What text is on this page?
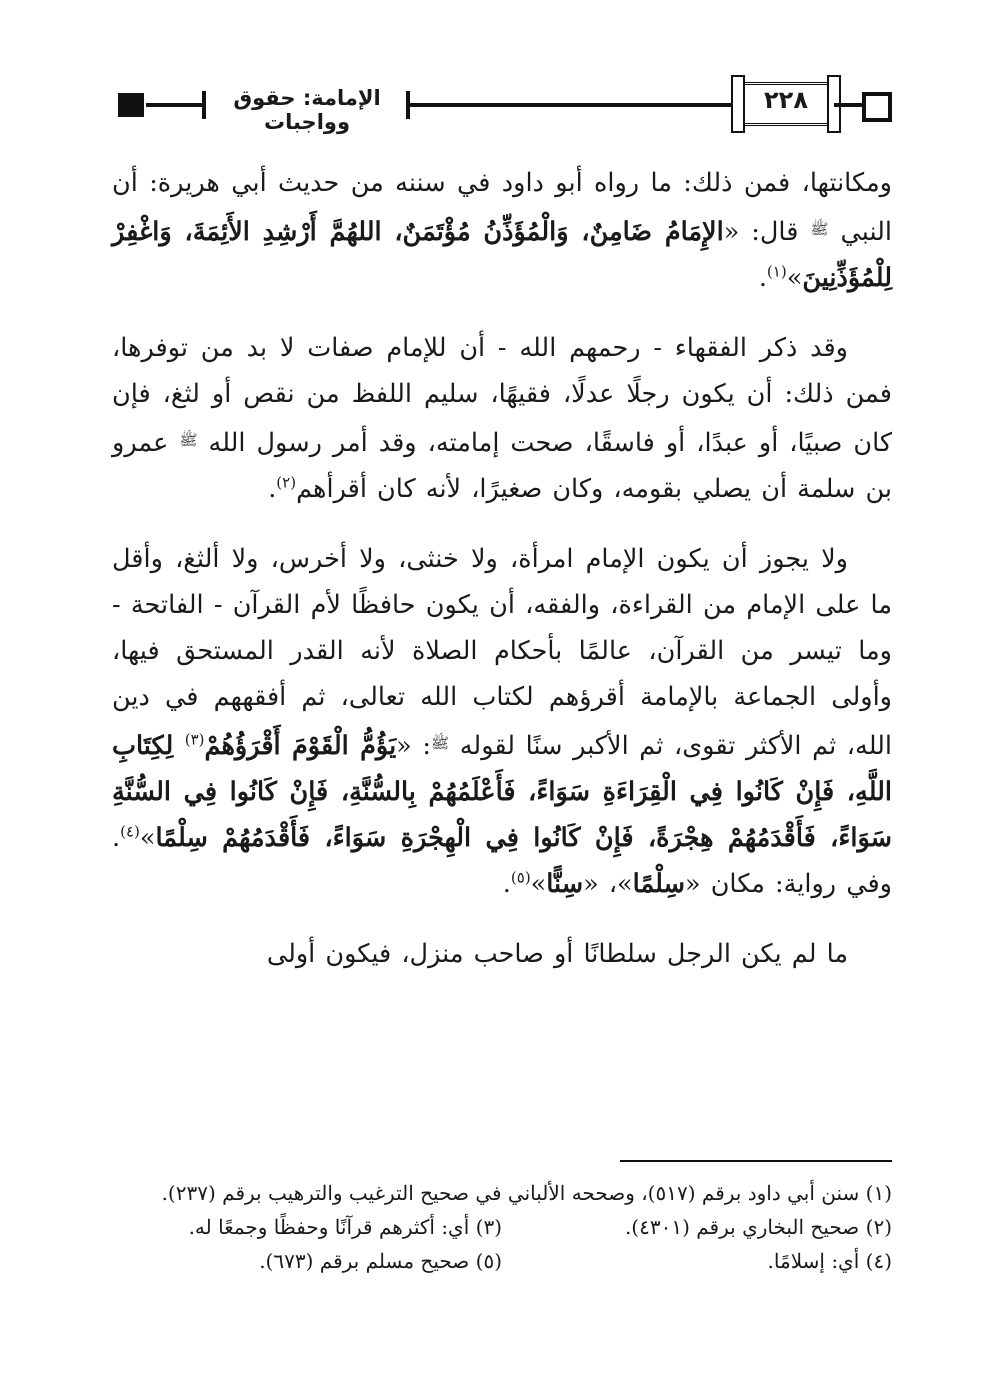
الإمامة: حقوق وواجبات
٢٢٨

ومكانتها، فمن ذلك: ما رواه أبو داود في سننه من حديث أبي هريرة: أن النبي $^ﷺ$ قال: «الإِمَامُ ضَامِنٌ، وَالْمُؤَذِّنُ مُؤْتَمَنٌ، اللهُمَّ أَرْشِدِ الأَئِمَةَ، وَاغْفِرْ لِلْمُؤَذِّنِينَ»$^{(١)}$.

وقد ذكر الفقهاء - رحمهم الله - أن للإمام صفات لا بد من توفرها، فمن ذلك: أن يكون رجلًا عدلًا، فقيهًا، سليم اللفظ من نقص أو لثغ، فإن كان صبيًا، أو عبدًا، أو فاسقًا، صحت إمامته، وقد أمر رسول الله $^ﷺ$ عمرو بن سلمة أن يصلي بقومه، وكان صغيرًا، لأنه كان أقرأهم$^{(٢)}$.

ولا يجوز أن يكون الإمام امرأة، ولا خنثى، ولا أخرس، ولا ألثغ، وأقل ما على الإمام من القراءة، والفقه، أن يكون حافظًا لأم القرآن - الفاتحة - وما تيسر من القرآن، عالمًا بأحكام الصلاة لأنه القدر المستحق فيها، وأولى الجماعة بالإمامة أقرؤهم لكتاب الله تعالى، ثم أفقههم في دين الله، ثم الأكثر تقوى، ثم الأكبر سنًا لقوله $^ﷺ$: «يَؤُمُّ الْقَوْمَ أَقْرَؤُهُمْ$^{(٣)}$ لِكِتَابِ اللَّهِ، فَإِنْ كَانُوا فِي الْقِرَاءَةِ سَوَاءً، فَأَعْلَمُهُمْ بِالسُّنَّةِ، فَإِنْ كَانُوا فِي السُّنَّةِ سَوَاءً، فَأَقْدَمُهُمْ هِجْرَةً، فَإِنْ كَانُوا فِي الْهِجْرَةِ سَوَاءً، فَأَقْدَمُهُمْ سِلْمًا»$^{(٤)}$. وفي رواية: مكان «سِلْمًا»، «سِنًّا»$^{(٥)}$.

ما لم يكن الرجل سلطانًا أو صاحب منزل، فيكون أولى

(١) سنن أبي داود برقم (٥١٧)، وصححه الألباني في صحيح الترغيب والترهيب برقم (٢٣٧).
(٢) صحيح البخاري برقم (٤٣٠١).
(٣) أي: أكثرهم قرآنًا وحفظًا وجمعًا له.
(٤) أي: إسلامًا.
(٥) صحيح مسلم برقم (٦٧٣).
